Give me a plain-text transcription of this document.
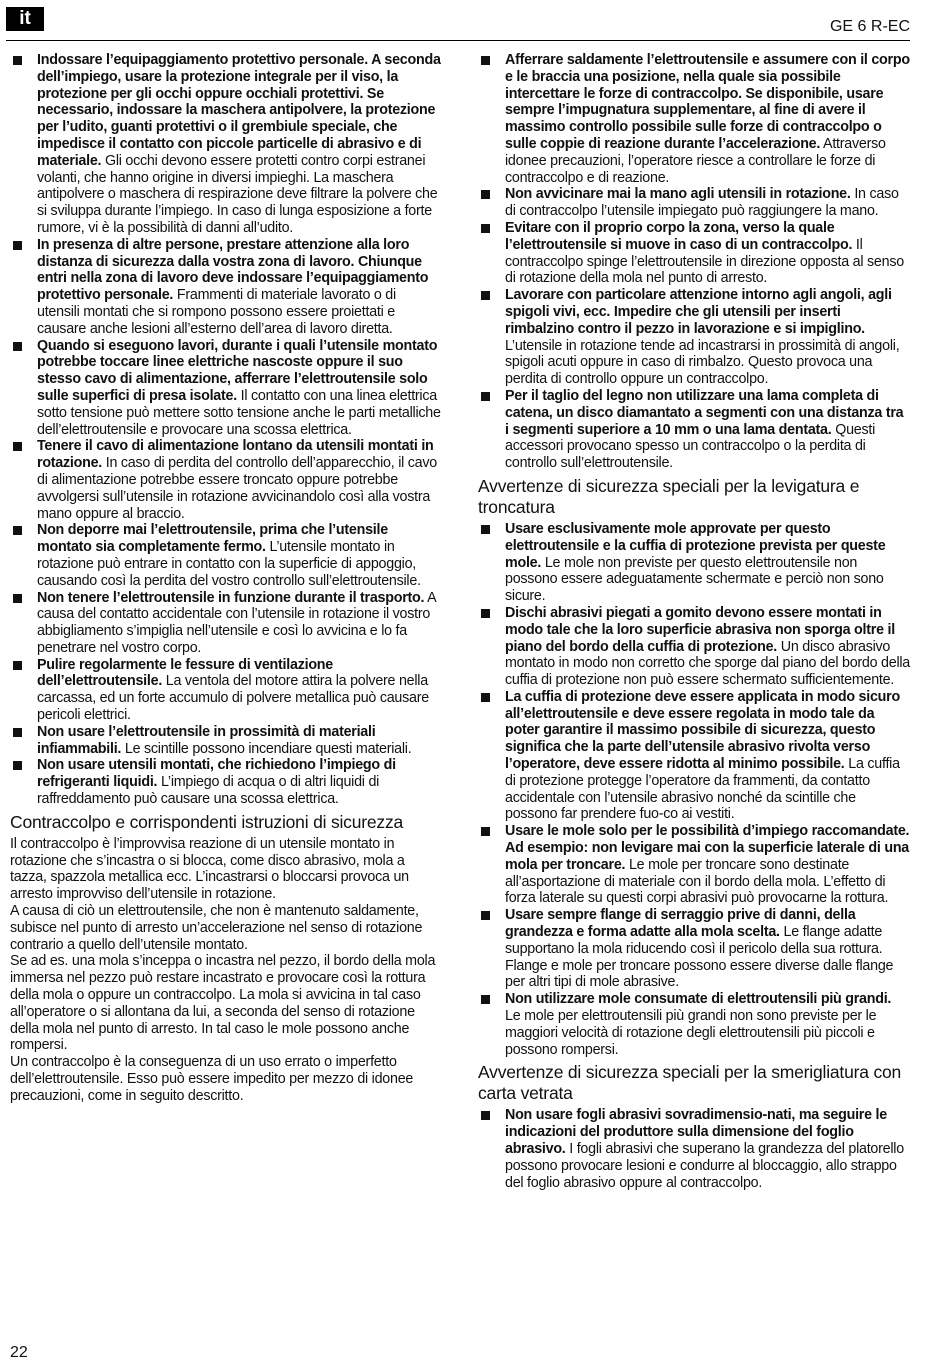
it	GE 6 R-EC

Indossare l’equipaggiamento protettivo personale. A seconda dell’impiego, usare la protezione integrale per il viso, la protezione per gli occhi oppure occhiali protettivi. Se necessario, indossare la maschera antipolvere, la protezione per l’udito, guanti protettivi o il grembiule speciale, che impedisce il contatto con piccole particelle di abrasivo e di materiale. Gli occhi devono essere protetti contro corpi estranei volanti, che hanno origine in diversi impieghi. La maschera antipolvere o maschera di respirazione deve filtrare la polvere che si sviluppa durante l’impiego. In caso di lunga esposizione a forte rumore, vi è la possibilità di danni all’udito.

In presenza di altre persone, prestare attenzione alla loro distanza di sicurezza dalla vostra zona di lavoro. Chiunque entri nella zona di lavoro deve indossare l’equipaggiamento protettivo personale. Frammenti di materiale lavorato o di utensili montati che si rompono possono essere proiettati e causare anche lesioni all’esterno dell’area di lavoro diretta.

Quando si eseguono lavori, durante i quali l’utensile montato potrebbe toccare linee elettriche nascoste oppure il suo stesso cavo di alimentazione, afferrare l’elettroutensile solo sulle superfici di presa isolate. Il contatto con una linea elettrica sotto tensione può mettere sotto tensione anche le parti metalliche dell’elettroutensile e provocare una scossa elettrica.

Tenere il cavo di alimentazione lontano da utensili montati in rotazione. In caso di perdita del controllo dell’apparecchio, il cavo di alimentazione potrebbe essere troncato oppure potrebbe avvolgersi sull’utensile in rotazione avvicinandolo così alla vostra mano oppure al braccio.

Non deporre mai l’elettroutensile, prima che l’utensile montato sia completamente fermo. L’utensile montato in rotazione può entrare in contatto con la superficie di appoggio, causando così la perdita del vostro controllo sull’elettroutensile.

Non tenere l’elettroutensile in funzione durante il trasporto. A causa del contatto accidentale con l’utensile in rotazione il vostro abbigliamento s’impiglia nell’utensile e così lo avvicina e lo fa penetrare nel vostro corpo.

Pulire regolarmente le fessure di ventilazione dell’elettroutensile. La ventola del motore attira la polvere nella carcassa, ed un forte accumulo di polvere metallica può causare pericoli elettrici.

Non usare l’elettroutensile in prossimità di materiali infiammabili. Le scintille possono incendiare questi materiali.

Non usare utensili montati, che richiedono l’impiego di refrigeranti liquidi. L’impiego di acqua o di altri liquidi di raffreddamento può causare una scossa elettrica.

Contraccolpo e corrispondenti istruzioni di sicurezza

Il contraccolpo è l’improvvisa reazione di un utensile montato in rotazione che s’incastra o si blocca, come disco abrasivo, mola a tazza, spazzola metallica ecc. L’incastrarsi o bloccarsi provoca un arresto improvviso dell’utensile in rotazione.

A causa di ciò un elettroutensile, che non è mantenuto saldamente, subisce nel punto di arresto un’accelerazione nel senso di rotazione contrario a quello dell’utensile montato.

Se ad es. una mola s’inceppa o incastra nel pezzo, il bordo della mola immersa nel pezzo può restare incastrato e provocare così la rottura della mola o oppure un contraccolpo. La mola si avvicina in tal caso all’operatore o si allontana da lui, a seconda del senso di rotazione della mola nel punto di arresto. In tal caso le mole possono anche rompersi.

Un contraccolpo è la conseguenza di un uso errato o imperfetto dell’elettroutensile. Esso può essere impedito per mezzo di idonee precauzioni, come in seguito descritto.

Afferrare saldamente l’elettroutensile e assumere con il corpo e le braccia una posizione, nella quale sia possibile intercettare le forze di contraccolpo. Se disponibile, usare sempre l’impugnatura supplementare, al fine di avere il massimo controllo possibile sulle forze di contraccolpo o sulle coppie di reazione durante l’accelerazione. Attraverso idonee precauzioni, l’operatore riesce a controllare le forze di contraccolpo e di reazione.

Non avvicinare mai la mano agli utensili in rotazione. In caso di contraccolpo l’utensile impiegato può raggiungere la mano.

Evitare con il proprio corpo la zona, verso la quale l’elettroutensile si muove in caso di un contraccolpo. Il contraccolpo spinge l’elettroutensile in direzione opposta al senso di rotazione della mola nel punto di arresto.

Lavorare con particolare attenzione intorno agli angoli, agli spigoli vivi, ecc. Impedire che gli utensili per inserti rimbalzino contro il pezzo in lavorazione e si impiglino. L’utensile in rotazione tende ad incastrarsi in prossimità di angoli, spigoli acuti oppure in caso di rimbalzo. Questo provoca una perdita di controllo oppure un contraccolpo.

Per il taglio del legno non utilizzare una lama completa di catena, un disco diamantato a segmenti con una distanza tra i segmenti superiore a 10 mm o una lama dentata. Questi accessori provocano spesso un contraccolpo o la perdita di controllo sull’elettroutensile.

Avvertenze di sicurezza speciali per la levigatura e troncatura

Usare esclusivamente mole approvate per questo elettroutensile e la cuffia di protezione prevista per queste mole. Le mole non previste per questo elettroutensile non possono essere adeguatamente schermate e perciò non sono sicure.

Dischi abrasivi piegati a gomito devono essere montati in modo tale che la loro superficie abrasiva non sporga oltre il piano del bordo della cuffia di protezione. Un disco abrasivo montato in modo non corretto che sporge dal piano del bordo della cuffia di protezione non può essere schermato sufficientemente.

La cuffia di protezione deve essere applicata in modo sicuro all’elettroutensile e deve essere regolata in modo tale da poter garantire il massimo possibile di sicurezza, questo significa che la parte dell’utensile abrasivo rivolta verso l’operatore, deve essere ridotta al minimo possibile. La cuffia di protezione protegge l’operatore da frammenti, da contatto accidentale con l’utensile abrasivo nonché da scintille che possono far prendere fuo-co ai vestiti.

Usare le mole solo per le possibilità d’impiego raccomandate. Ad esempio: non levigare mai con la superficie laterale di una mola per troncare. Le mole per troncare sono destinate all’asportazione di materiale con il bordo della mola. L’effetto di forza laterale su questi corpi abrasivi può provocarne la rottura.

Usare sempre flange di serraggio prive di danni, della grandezza e forma adatte alla mola scelta. Le flange adatte supportano la mola riducendo così il pericolo della sua rottura. Flange e mole per troncare possono essere diverse dalle flange per altri tipi di mole abrasive.

Non utilizzare mole consumate di elettroutensili più grandi. Le mole per elettroutensili più grandi non sono previste per le maggiori velocità di rotazione degli elettroutensili più piccoli e possono rompersi.

Avvertenze di sicurezza speciali per la smerigliatura con carta vetrata

Non usare fogli abrasivi sovradimensio-nati, ma seguire le indicazioni del produttore sulla dimensione del foglio abrasivo. I fogli abrasivi che superano la grandezza del platorello possono provocare lesioni e condurre al bloccaggio, allo strappo del foglio abrasivo oppure al contraccolpo.

22
